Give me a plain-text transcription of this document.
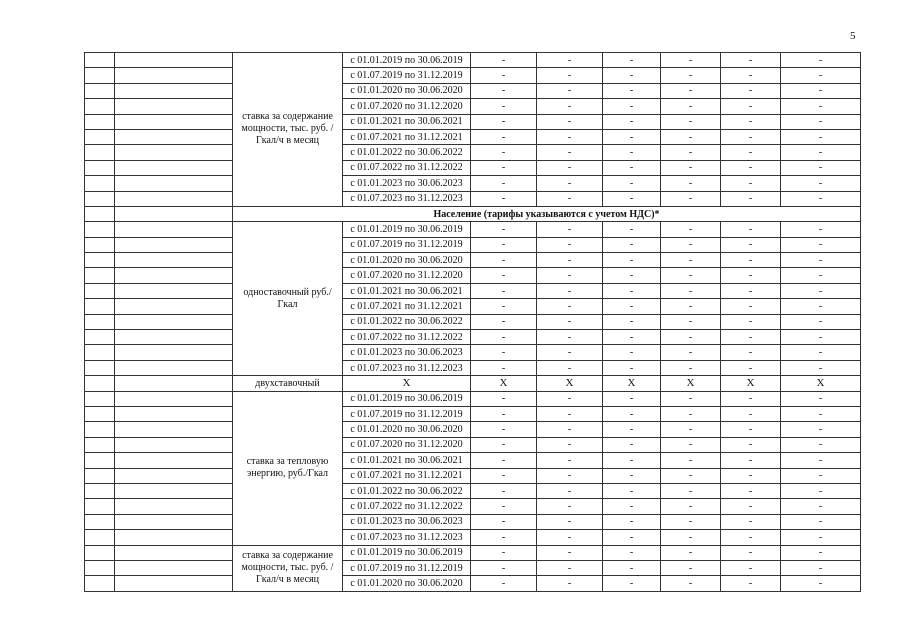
5
		ставка за содержание мощности, тыс. руб. /Гкал/ч в месяц	с 01.01.2019 по 30.06.2019	-	-	-	-	-	-
			с 01.07.2019 по 31.12.2019	-	-	-	-	-	-
			с 01.01.2020 по 30.06.2020	-	-	-	-	-	-
			с 01.07.2020 по 31.12.2020	-	-	-	-	-	-
			с 01.01.2021 по 30.06.2021	-	-	-	-	-	-
			с 01.07.2021 по 31.12.2021	-	-	-	-	-	-
			с 01.01.2022 по 30.06.2022	-	-	-	-	-	-
			с 01.07.2022 по 31.12.2022	-	-	-	-	-	-
			с 01.01.2023 по 30.06.2023	-	-	-	-	-	-
			с 01.07.2023 по 31.12.2023	-	-	-	-	-	-
		Население (тарифы указываются с учетом НДС)*							
		одноставочный руб./Гкал	с 01.01.2019 по 30.06.2019	-	-	-	-	-	-
			с 01.07.2019 по 31.12.2019	-	-	-	-	-	-
			с 01.01.2020 по 30.06.2020	-	-	-	-	-	-
			с 01.07.2020 по 31.12.2020	-	-	-	-	-	-
			с 01.01.2021 по 30.06.2021	-	-	-	-	-	-
			с 01.07.2021 по 31.12.2021	-	-	-	-	-	-
			с 01.01.2022 по 30.06.2022	-	-	-	-	-	-
			с 01.07.2022 по 31.12.2022	-	-	-	-	-	-
			с 01.01.2023 по 30.06.2023	-	-	-	-	-	-
			с 01.07.2023 по 31.12.2023	-	-	-	-	-	-
		двухставочный	X	X	X	X	X	X	X
		ставка за тепловую энергию, руб./Гкал	с 01.01.2019 по 30.06.2019	-	-	-	-	-	-
			с 01.07.2019 по 31.12.2019	-	-	-	-	-	-
			с 01.01.2020 по 30.06.2020	-	-	-	-	-	-
			с 01.07.2020 по 31.12.2020	-	-	-	-	-	-
			с 01.01.2021 по 30.06.2021	-	-	-	-	-	-
			с 01.07.2021 по 31.12.2021	-	-	-	-	-	-
			с 01.01.2022 по 30.06.2022	-	-	-	-	-	-
			с 01.07.2022 по 31.12.2022	-	-	-	-	-	-
			с 01.01.2023 по 30.06.2023	-	-	-	-	-	-
			с 01.07.2023 по 31.12.2023	-	-	-	-	-	-
		ставка за содержание мощности, тыс. руб. /Гкал/ч в месяц	с 01.01.2019 по 30.06.2019	-	-	-	-	-	-
			с 01.07.2019 по 31.12.2019	-	-	-	-	-	-
			с 01.01.2020 по 30.06.2020	-	-	-	-	-	-
